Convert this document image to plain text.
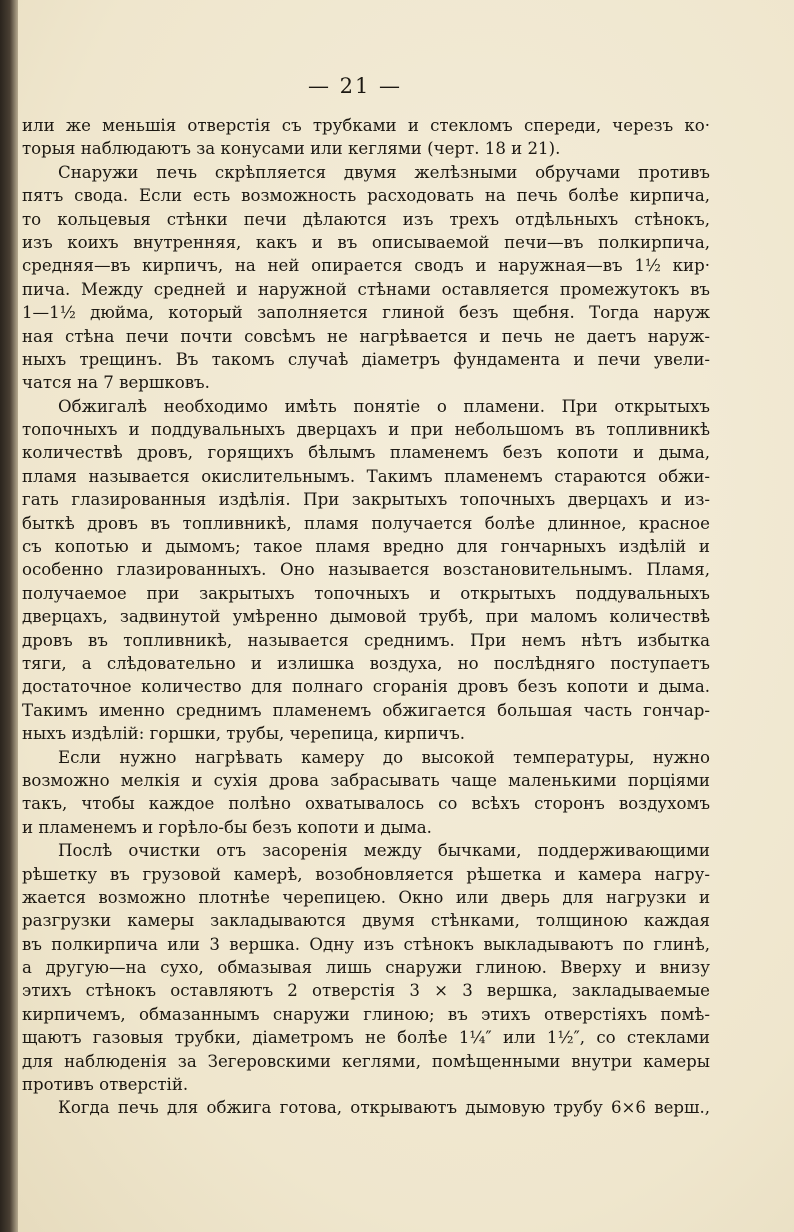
— 21 —
или же меньшія отверстія съ трубками и стекломъ спереди, черезъ ко·
торыя наблюдаютъ за конусами или кеглями (черт. 18 и 21).
Снаружи печь скрѣпляется двумя желѣзными обручами противъ
пятъ свода. Если есть возможность расходовать на печь болѣе кирпича,
то кольцевыя стѣнки печи дѣлаются изъ трехъ отдѣльныхъ стѣнокъ,
изъ коихъ внутренняя, какъ и въ описываемой печи—въ полкирпича,
средняя—въ кирпичъ, на ней опирается сводъ и наружная—въ 1½ кир·
пича. Между средней и наружной стѣнами оставляется промежутокъ въ
1—1½ дюйма, который заполняется глиной безъ щебня. Тогда наруж
ная стѣна печи почти совсѣмъ не нагрѣвается и печь не даетъ наруж-
ныхъ трещинъ. Въ такомъ случаѣ діаметръ фундамента и печи увели-
чатся на 7 вершковъ.
Обжигалѣ необходимо имѣть понятіе о пламени. При открытыхъ
топочныхъ и поддувальныхъ дверцахъ и при небольшомъ въ топливникѣ
количествѣ дровъ, горящихъ бѣлымъ пламенемъ безъ копоти и дыма,
пламя называется окислительнымъ. Такимъ пламенемъ стараются обжи-
гать глазированныя издѣлія. При закрытыхъ топочныхъ дверцахъ и из-
быткѣ дровъ въ топливникѣ, пламя получается болѣе длинное, красное
съ копотью и дымомъ; такое пламя вредно для гончарныхъ издѣлій и
особенно глазированныхъ. Оно называется возстановительнымъ. Пламя,
получаемое при закрытыхъ топочныхъ и открытыхъ поддувальныхъ
дверцахъ, задвинутой умѣренно дымовой трубѣ, при маломъ количествѣ
дровъ въ топливникѣ, называется среднимъ. При немъ нѣтъ избытка
тяги, а слѣдовательно и излишка воздуха, но послѣдняго поступаетъ
достаточное количество для полнаго сгоранія дровъ безъ копоти и дыма.
Такимъ именно среднимъ пламенемъ обжигается большая часть гончар-
ныхъ издѣлій: горшки, трубы, черепица, кирпичъ.
Если нужно нагрѣвать камеру до высокой температуры, нужно
возможно мелкія и сухія дрова забрасывать чаще маленькими порціями
такъ, чтобы каждое полѣно охватывалось со всѣхъ сторонъ воздухомъ
и пламенемъ и горѣло-бы безъ копоти и дыма.
Послѣ очистки отъ засоренія между бычками, поддерживающими
рѣшетку въ грузовой камерѣ, возобновляется рѣшетка и камера нагру-
жается возможно плотнѣе черепицею. Окно или дверь для нагрузки и
разгрузки камеры закладываются двумя стѣнками, толщиною каждая
въ полкирпича или 3 вершка. Одну изъ стѣнокъ выкладываютъ по глинѣ,
а другую—на сухо, обмазывая лишь снаружи глиною. Вверху и внизу
этихъ стѣнокъ оставляютъ 2 отверстія 3 × 3 вершка, закладываемые
кирпичемъ, обмазаннымъ снаружи глиною; въ этихъ отверстіяхъ помѣ-
щаютъ газовыя трубки, діаметромъ не болѣе 1¼″ или 1½″, со стеклами
для наблюденія за Зегеровскими кеглями, помѣщенными внутри камеры
противъ отверстій.
Когда печь для обжига готова, открываютъ дымовую трубу 6×6 верш.,
